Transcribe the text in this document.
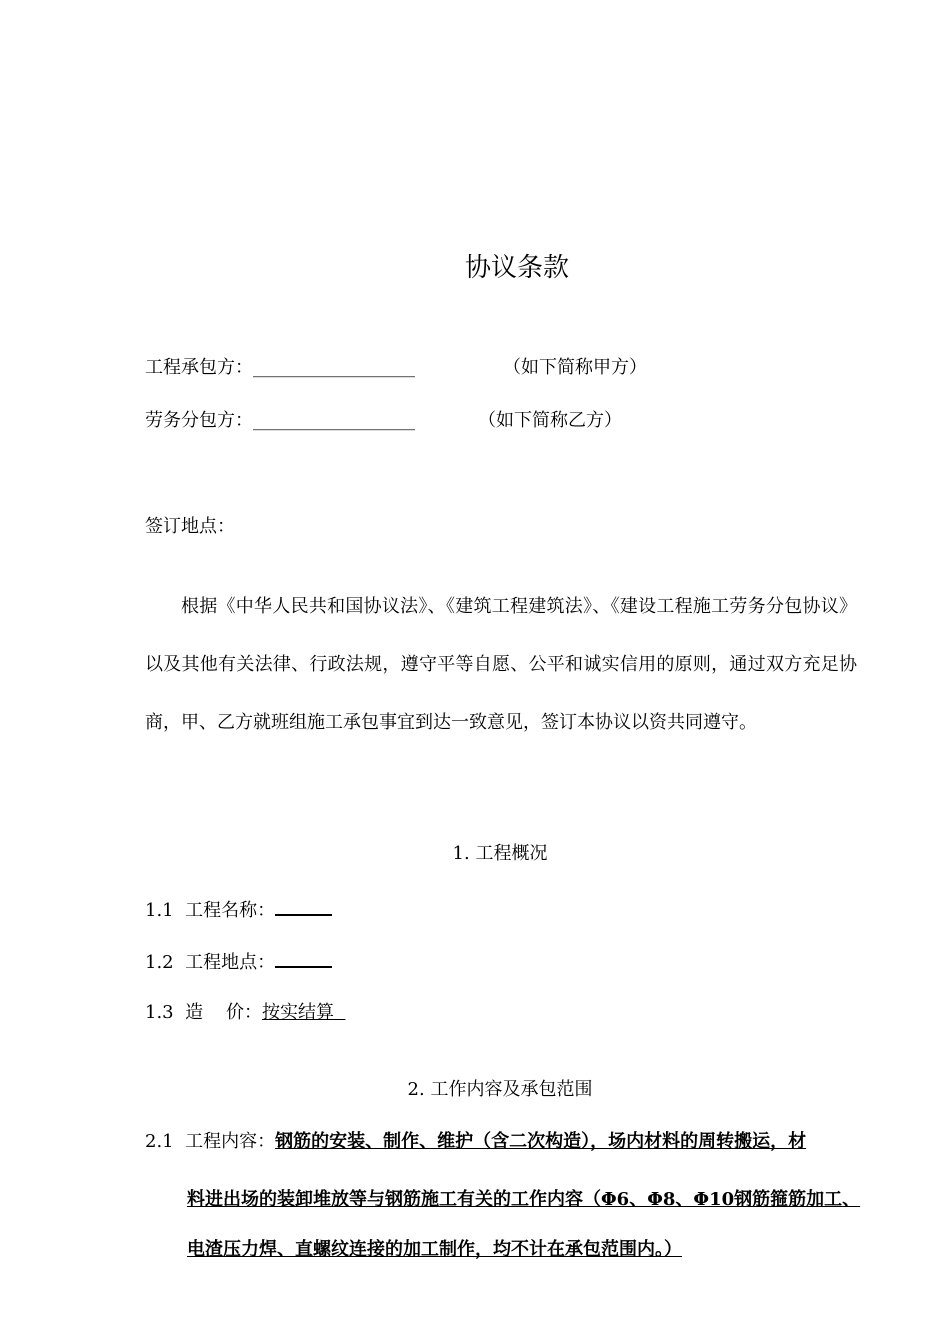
协议条款
工程承包方：__________________	（如下简称甲方）
劳务分包方：__________________	（如下简称乙方）
签订地点：
根据《中华人民共和国协议法》、《建筑工程建筑法》、《建设工程施工劳务分包协议》以及其他有关法律、行政法规，遵守平等自愿、公平和诚实信用的原则，通过双方充足协商，甲、乙方就班组施工承包事宜到达一致意见，签订本协议以资共同遵守。
1. 工程概况
1.1 工程名称：
1.2 工程地点：
1.3 造    价：按实结算
2. 工作内容及承包范围
2.1 工程内容：钢筋的安装、制作、维护（含二次构造），场内材料的周转搬运，材
料进出场的装卸堆放等与钢筋施工有关的工作内容（Φ6、Φ8、Φ10钢筋箍筋加工、电渣压力焊、直螺纹连接的加工制作，均不计在承包范围内。）
